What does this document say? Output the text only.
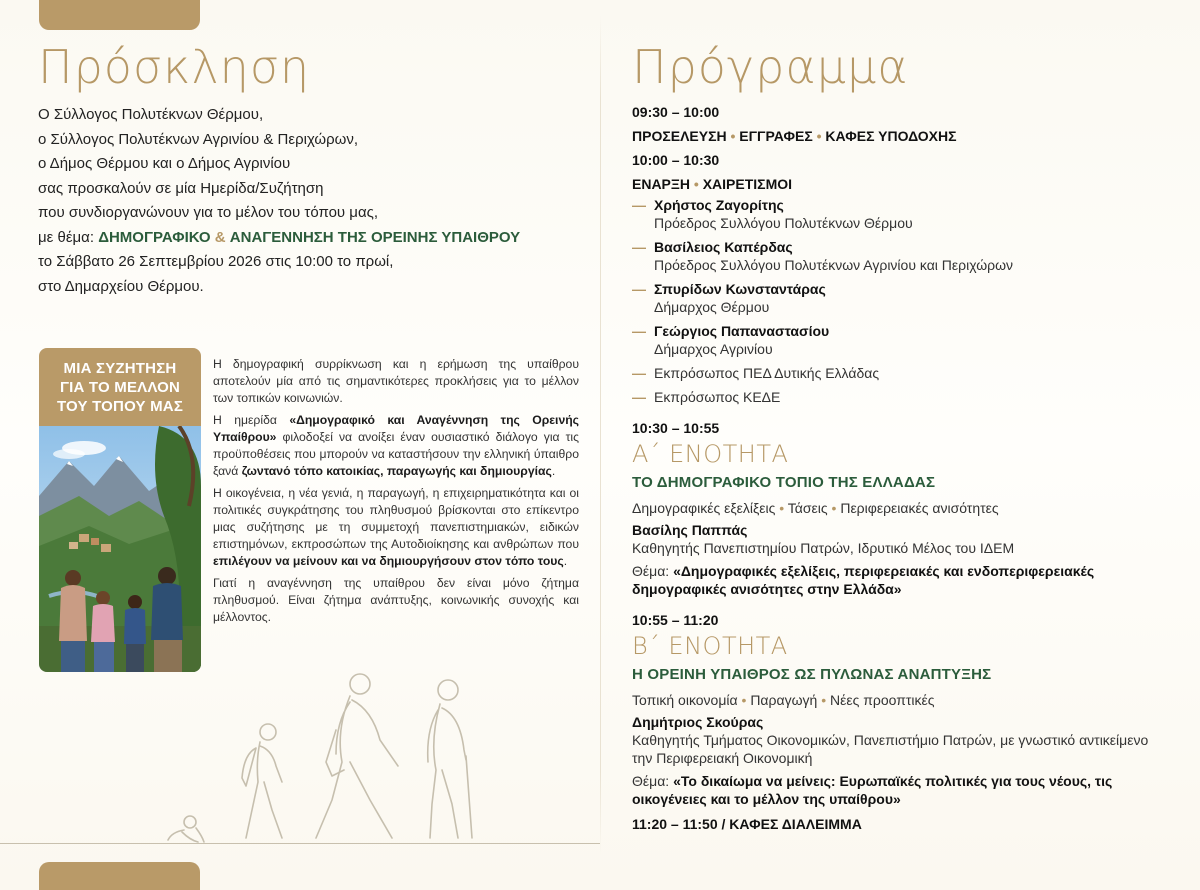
Πρόσκληση
Ο Σύλλογος Πολυτέκνων Θέρμου,
ο Σύλλογος Πολυτέκνων Αγρινίου & Περιχώρων,
ο Δήμος Θέρμου και ο Δήμος Αγρινίου
σας προσκαλούν σε μία Ημερίδα/Συζήτηση
που συνδιοργανώνουν για το μέλον του τόπου μας,
με θέμα: ΔΗΜΟΓΡΑΦΙΚΟ & ΑΝΑΓΕΝΝΗΣΗ ΤΗΣ ΟΡΕΙΝΗΣ ΥΠΑΙΘΡΟΥ
το Σάββατο 26 Σεπτεμβρίου 2026 στις 10:00 το πρωί,
στο Δημαρχείου Θέρμου.
ΜΙΑ ΣΥΖΗΤΗΣΗ
ΓΙΑ ΤΟ ΜΕΛΛΟΝ
ΤΟΥ ΤΟΠΟΥ ΜΑΣ

Η δημογραφική συρρίκνωση και η ερήμωση της υπαίθρου αποτελούν μία από τις σημαντικότερες προκλήσεις για το μέλλον των τοπικών κοινωνιών.

Η ημερίδα «Δημογραφικό και Αναγέννηση της Ορεινής Υπαίθρου» φιλοδοξεί να ανοίξει έναν ουσιαστικό διάλογο για τις προϋποθέσεις που μπορούν να καταστήσουν την ελληνική ύπαιθρο ξανά ζωντανό τόπο κατοικίας, παραγωγής και δημιουργίας.

Η οικογένεια, η νέα γενιά, η παραγωγή, η επιχειρηματικότητα και οι πολιτικές συγκράτησης του πληθυσμού βρίσκονται στο επίκεντρο μιας συζήτησης με τη συμμετοχή πανεπιστημιακών, ειδικών επιστημόνων, εκπροσώπων της Αυτοδιοίκησης και ανθρώπων που επιλέγουν να μείνουν και να δημιουργήσουν στον τόπο τους.

Γιατί η αναγέννηση της υπαίθρου δεν είναι μόνο ζήτημα πληθυσμού. Είναι ζήτημα ανάπτυξης, κοινωνικής συνοχής και μέλλοντος.

Πρόγραμμα
09:30 – 10:00
ΠΡΟΣΕΛΕΥΣΗ • ΕΓΓΡΑΦΕΣ • ΚΑΦΕΣ ΥΠΟΔΟΧΗΣ
10:00 – 10:30
ΕΝΑΡΞΗ • ΧΑΙΡΕΤΙΣΜΟΙ
— Χρήστος Ζαγορίτης
Πρόεδρος Συλλόγου Πολυτέκνων Θέρμου
— Βασίλειος Καπέρδας
Πρόεδρος Συλλόγου Πολυτέκνων Αγρινίου και Περιχώρων
— Σπυρίδων Κωνσταντάρας
Δήμαρχος Θέρμου
— Γεώργιος Παπαναστασίου
Δήμαρχος Αγρινίου
— Εκπρόσωπος ΠΕΔ Δυτικής Ελλάδας
— Εκπρόσωπος ΚΕΔΕ
10:30 – 10:55
Α΄ ΕΝΟΤΗΤΑ
ΤΟ ΔΗΜΟΓΡΑΦΙΚΟ ΤΟΠΙΟ ΤΗΣ ΕΛΛΑΔΑΣ
Δημογραφικές εξελίξεις • Τάσεις • Περιφερειακές ανισότητες
Βασίλης Παππάς
Καθηγητής Πανεπιστημίου Πατρών, Ιδρυτικό Μέλος του ΙΔΕΜ
Θέμα: «Δημογραφικές εξελίξεις, περιφερειακές και ενδοπεριφερειακές δημογραφικές ανισότητες στην Ελλάδα»
10:55 – 11:20
Β΄ ΕΝΟΤΗΤΑ
Η ΟΡΕΙΝΗ ΥΠΑΙΘΡΟΣ ΩΣ ΠΥΛΩΝΑΣ ΑΝΑΠΤΥΞΗΣ
Τοπική οικονομία • Παραγωγή • Νέες προοπτικές
Δημήτριος Σκούρας
Καθηγητής Τμήματος Οικονομικών, Πανεπιστήμιο Πατρών, με γνωστικό αντικείμενο την Περιφερειακή Οικονομική
Θέμα: «Το δικαίωμα να μείνεις: Ευρωπαϊκές πολιτικές για τους νέους, τις οικογένειες και το μέλλον της υπαίθρου»
11:20 – 11:50 / ΚΑΦΕΣ ΔΙΑΛΕΙΜΜΑ
